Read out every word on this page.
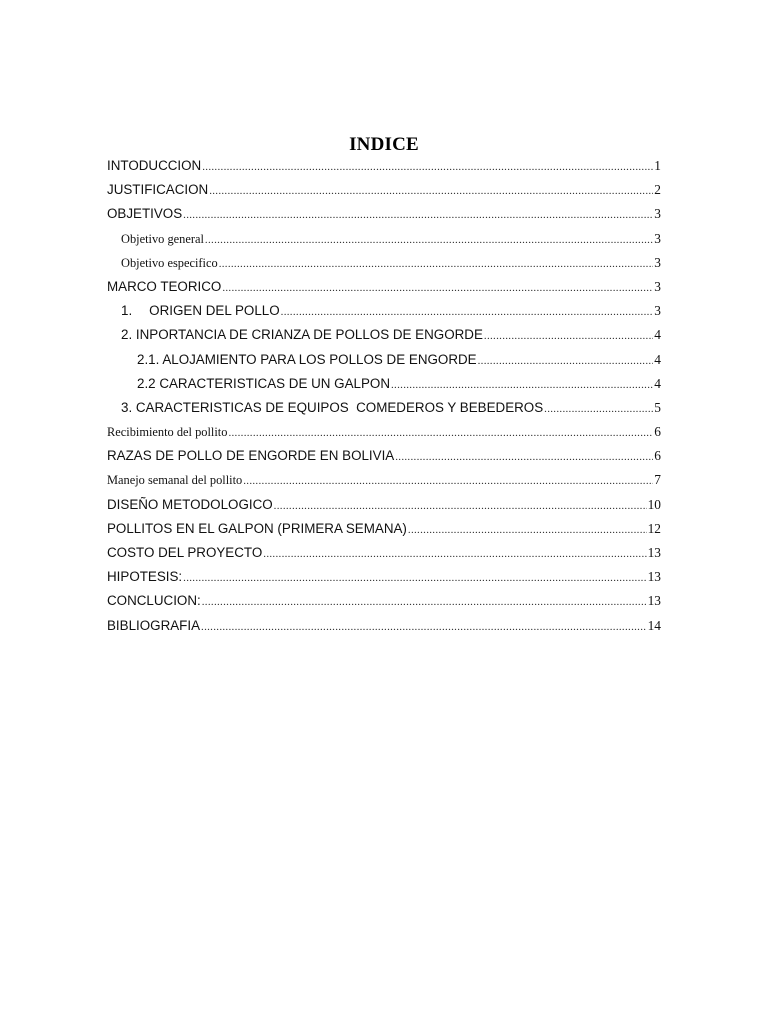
INDICE
INTODUCCION .....	1
JUSTIFICACION .....	2
OBJETIVOS .....	3
Objetivo general .....	3
Objetivo especifico .....	3
MARCO TEORICO .....	3
1. ORIGEN DEL POLLO .....	3
2. INPORTANCIA DE CRIANZA DE POLLOS DE ENGORDE .....	4
2.1. ALOJAMIENTO PARA LOS POLLOS DE ENGORDE .....	4
2.2 CARACTERISTICAS DE UN GALPON .....	4
3. CARACTERISTICAS DE EQUIPOS  COMEDEROS Y BEBEDEROS .....	5
Recibimiento del pollito .....	6
RAZAS DE POLLO DE ENGORDE EN BOLIVIA .....	6
Manejo semanal del pollito .....	7
DISEÑO METODOLOGICO .....	10
POLLITOS EN EL GALPON (PRIMERA SEMANA) .....	12
COSTO DEL PROYECTO .....	13
HIPOTESIS: .....	13
CONCLUCION: .....	13
BIBLIOGRAFIA .....	14
